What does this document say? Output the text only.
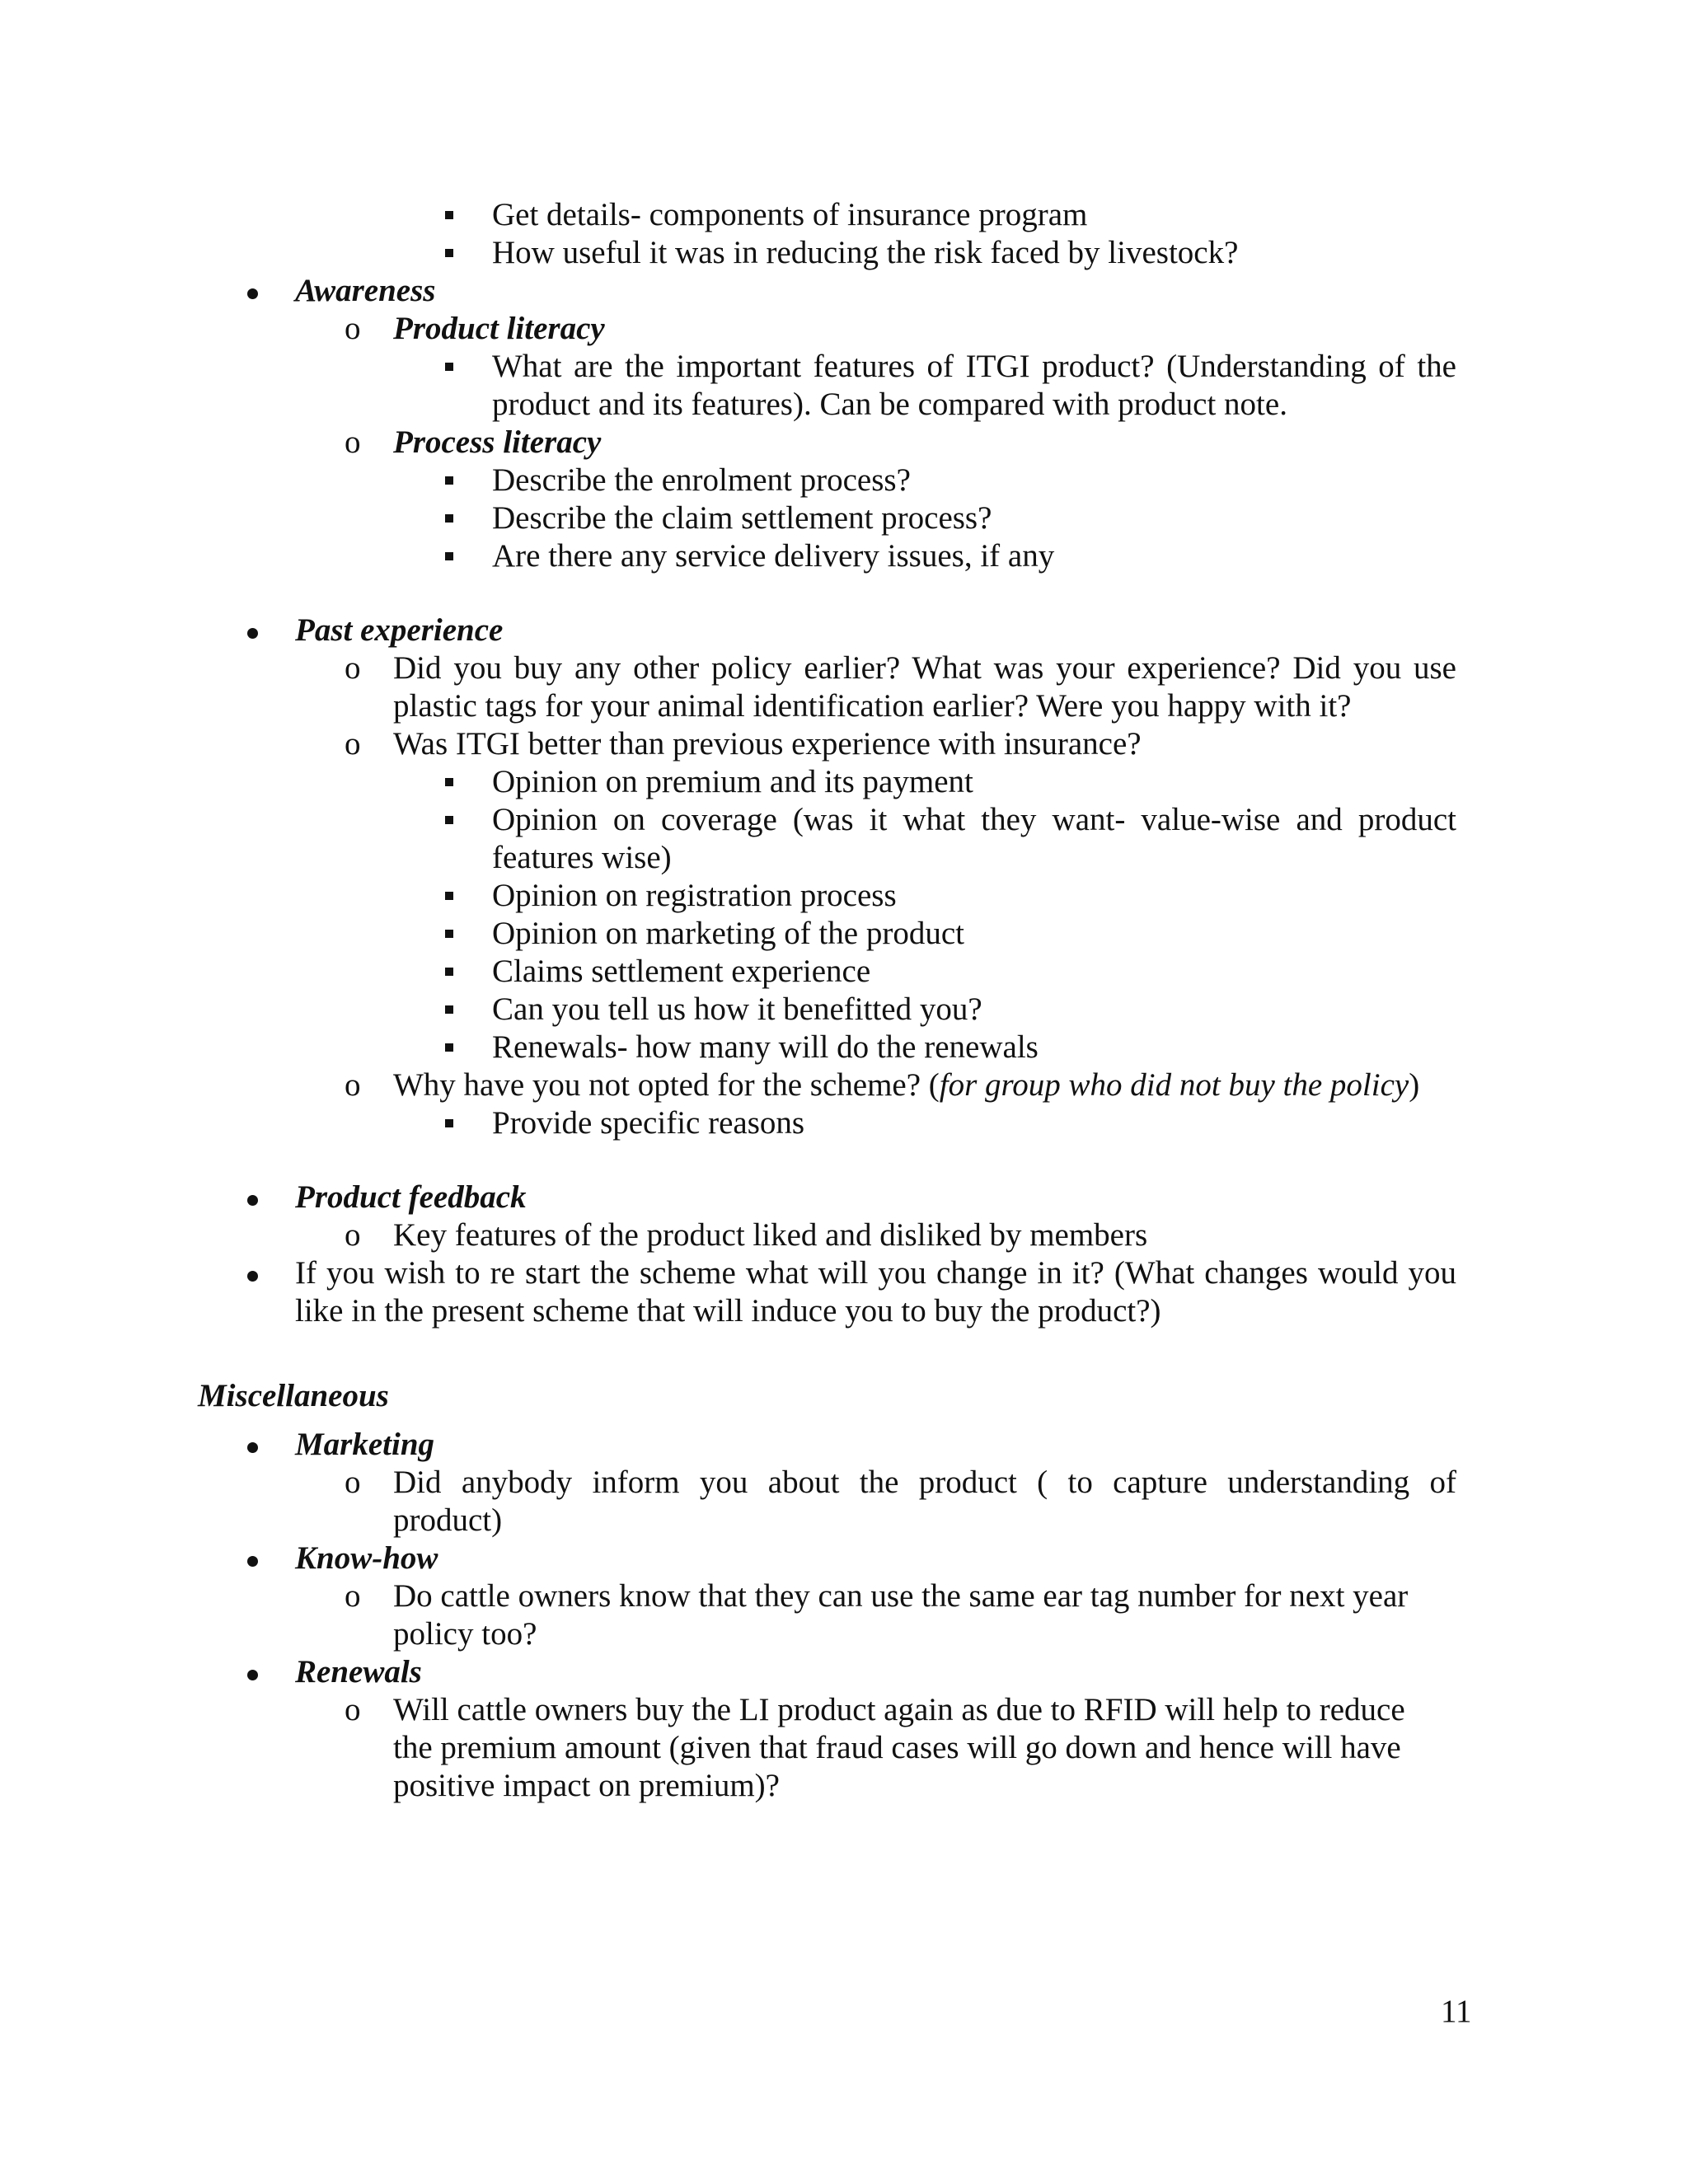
Get details- components of insurance program
How useful it was in reducing the risk faced by livestock?
Awareness
o Product literacy
What are the important features of ITGI product? (Understanding of the
product and its features). Can be compared with product note.
o Process literacy
Describe the enrolment process?
Describe the claim settlement process?
Are there any service delivery issues, if any
Past experience
o Did you buy any other policy earlier? What was your experience? Did you use
plastic tags for your animal identification earlier? Were you happy with it?
o Was ITGI better than previous experience with insurance?
Opinion on premium and its payment
Opinion on coverage (was it what they want- value-wise and product
features wise)
Opinion on registration process
Opinion on marketing of the product
Claims settlement experience
Can you tell us how it benefitted you?
Renewals- how many will do the renewals
o Why have you not opted for the scheme? (for group who did not buy the policy)
Provide specific reasons
Product feedback
o Key features of the product liked and disliked by members
If you wish to re start the scheme what will you change in it? (What changes would you
like in the present scheme that will induce you to buy the product?)
Miscellaneous
Marketing
o Did anybody inform you about the product ( to capture understanding of
product)
Know-how
o Do cattle owners know that they can use the same ear tag number for next year
policy too?
Renewals
o Will cattle owners buy the LI product again as due to RFID will help to reduce
the premium amount (given that fraud cases will go down and hence will have
positive impact on premium)?
11
